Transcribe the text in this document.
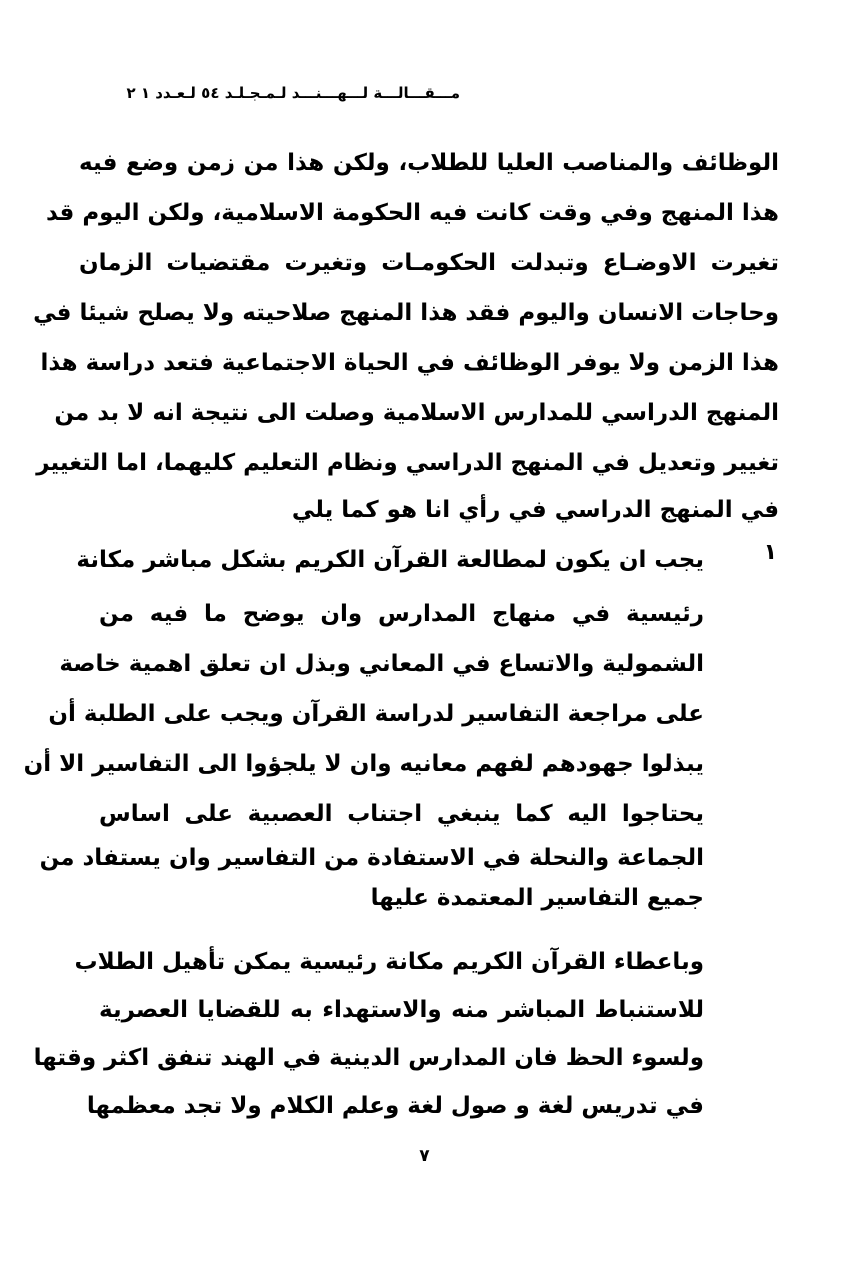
مـــقـــالـــة لـــهـــنـــد لـمـجـلـد ٥٤ لـعـدد ١ ٢
الوظائف والمناصب العليا للطلاب، ولكن هذا من زمن وضع فيه
هذا المنهج وفي وقت كانت فيه الحكومة الاسلامية، ولكن اليوم قد
تغيرت الاوضـاع وتبدلت الحكومـات وتغيرت مقتضيات الزمان
وحاجات الانسان واليوم فقد هذا المنهج صلاحيته ولا يصلح شيئا في
هذا الزمن ولا يوفر الوظائف في الحياة الاجتماعية فتعد دراسة هذا
المنهج الدراسي للمدارس الاسلامية وصلت الى نتيجة انه لا بد من
تغيير وتعديل في المنهج الدراسي ونظام التعليم كليهما، اما التغيير
في المنهج الدراسي في رأي انا هو كما يلي
١
يجب ان يكون لمطالعة القرآن الكريم بشكل مباشر مكانة
رئيسية في منهاج المدارس وان يوضح ما فيه من
الشمولية والاتساع في المعاني وبذل ان تعلق اهمية خاصة
على مراجعة التفاسير لدراسة القرآن ويجب على الطلبة أن
يبذلوا جهودهم لفهم معانيه وان لا يلجؤوا الى التفاسير الا أن
يحتاجوا اليه كما ينبغي اجتناب العصبية على اساس
الجماعة والنحلة في الاستفادة من التفاسير وان يستفاد من
جميع التفاسير المعتمدة عليها
وباعطاء القرآن الكريم مكانة رئيسية يمكن تأهيل الطلاب
للاستنباط المباشر منه والاستهداء به للقضايا العصرية
ولسوء الحظ فان المدارس الدينية في الهند تنفق اكثر وقتها
في تدريس لغة و صول لغة وعلم الكلام ولا تجد معظمها
٧
